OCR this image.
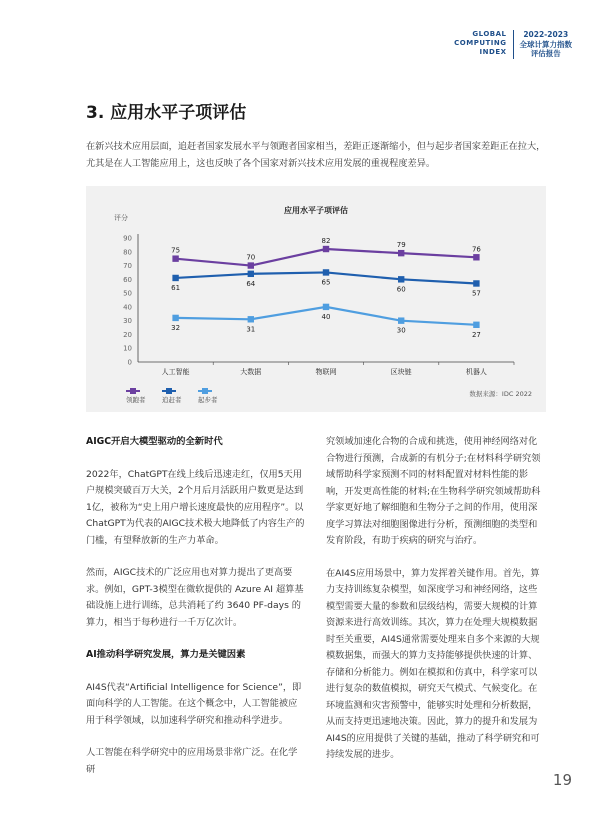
GLOBAL
COMPUTING
INDEX
2022-2023
全球计算力指数
评估报告
3. 应用水平子项评估

在新兴技术应用层面，追赶者国家发展水平与领跑者国家相当，差距正逐渐缩小，但与起步者国家差距正在拉大，尤其是在人工智能应用上，这也反映了各个国家对新兴技术应用发展的重视程度差异。

应用水平子项评估
评分
0
10
20
30
40
50
60
70
80
90
人工智能	大数据	物联网	区块链	机器人
75
70
82
79
76
61
64	65
60
57
32	31
40
30
27
领跑者	追赶者	起步者
数据来源：IDC 2022

AIGC开启大模型驱动的全新时代

2022年，ChatGPT在线上线后迅速走红，仅用5天用户规模突破百万大关，2个月后月活跃用户数更是达到1亿，被称为“史上用户增长速度最快的应用程序”。以ChatGPT为代表的AIGC技术极大地降低了内容生产的门槛，有望释放新的生产力革命。

然而，AIGC技术的广泛应用也对算力提出了更高要求。例如，GPT-3模型在微软提供的 Azure AI 超算基础设施上进行训练，总共消耗了约 3640 PF-days 的算力，相当于每秒进行一千万亿次计。

AI推动科学研究发展，算力是关键因素

AI4S代表“Artificial Intelligence for Science”，即面向科学的人工智能。在这个概念中，人工智能被应用于科学领域，以加速科学研究和推动科学进步。

人工智能在科学研究中的应用场景非常广泛。在化学研

究领域加速化合物的合成和挑选，使用神经网络对化合物进行预测，合成新的有机分子;在材料科学研究领域帮助科学家预测不同的材料配置对材料性能的影响，开发更高性能的材料;在生物科学研究领域帮助科学家更好地了解细胞和生物分子之间的作用，使用深度学习算法对细胞图像进行分析，预测细胞的类型和发育阶段，有助于疾病的研究与治疗。

在AI4S应用场景中，算力发挥着关键作用。首先，算力支持训练复杂模型，如深度学习和神经网络，这些模型需要大量的参数和层级结构，需要大规模的计算资源来进行高效训练。其次，算力在处理大规模数据时至关重要，AI4S通常需要处理来自多个来源的大规模数据集，而强大的算力支持能够提供快速的计算、存储和分析能力。例如在模拟和仿真中，科学家可以进行复杂的数值模拟，研究天气模式、气候变化。在环境监测和灾害预警中，能够实时处理和分析数据，从而支持更迅速地决策。因此，算力的提升和发展为AI4S的应用提供了关键的基础，推动了科学研究和可持续发展的进步。

19
